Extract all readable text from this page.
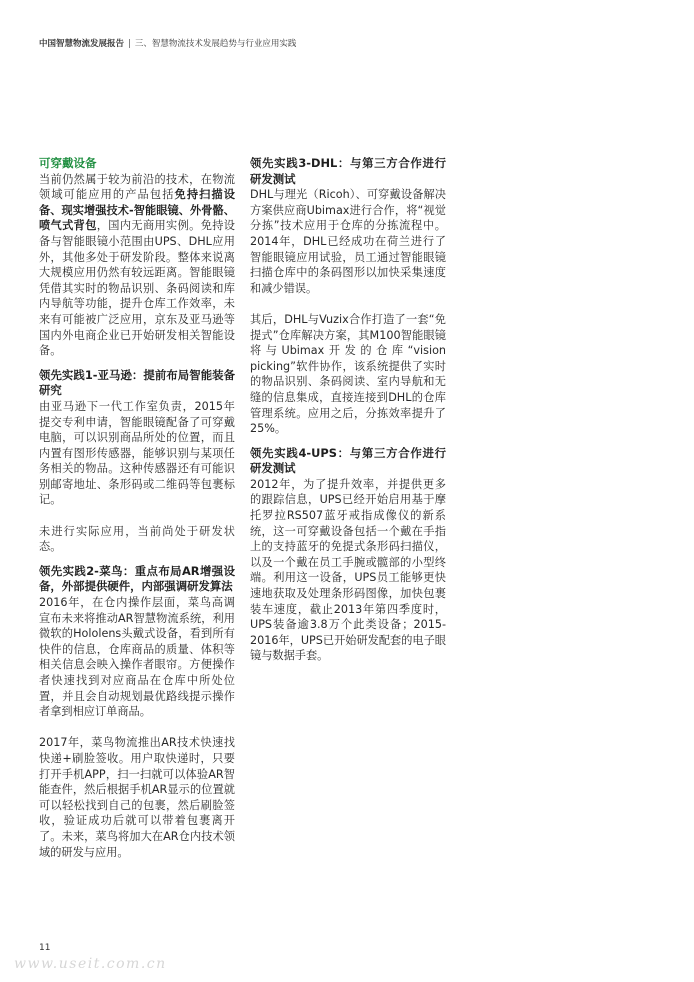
中国智慧物流发展报告 | 三、智慧物流技术发展趋势与行业应用实践

可穿戴设备

当前仍然属于较为前沿的技术，在物流领域可能应用的产品包括免持扫描设备、现实增强技术-智能眼镜、外骨骼、喷气式背包，国内无商用实例。免持设备与智能眼镜小范围由UPS、DHL应用外，其他多处于研发阶段。整体来说离大规模应用仍然有较远距离。智能眼镜凭借其实时的物品识别、条码阅读和库内导航等功能，提升仓库工作效率，未来有可能被广泛应用，京东及亚马逊等国内外电商企业已开始研发相关智能设备。

领先实践1-亚马逊：提前布局智能装备研究

由亚马逊下一代工作室负责，2015年提交专利申请，智能眼镜配备了可穿戴电脑，可以识别商品所处的位置，而且内置有图形传感器，能够识别与某项任务相关的物品。这种传感器还有可能识别邮寄地址、条形码或二维码等包裹标记。

未进行实际应用，当前尚处于研发状态。

领先实践2-菜鸟：重点布局AR增强设备，外部提供硬件，内部强调研发算法

2016年，在仓内操作层面，菜鸟高调宣布未来将推动AR智慧物流系统，利用微软的Hololens头戴式设备，看到所有快件的信息，仓库商品的质量、体积等相关信息会映入操作者眼帘。方便操作者快速找到对应商品在仓库中所处位置，并且会自动规划最优路线提示操作者拿到相应订单商品。

2017年，菜鸟物流推出AR技术快速找快递+刷脸签收。用户取快递时，只要打开手机APP，扫一扫就可以体验AR智能查件，然后根据手机AR显示的位置就可以轻松找到自己的包裹，然后刷脸签收，验证成功后就可以带着包裹离开了。未来，菜鸟将加大在AR仓内技术领域的研发与应用。

领先实践3-DHL：与第三方合作进行研发测试

DHL与理光（Ricoh）、可穿戴设备解决方案供应商Ubimax进行合作，将“视觉分拣”技术应用于仓库的分拣流程中。2014年，DHL已经成功在荷兰进行了智能眼镜应用试验，员工通过智能眼镜扫描仓库中的条码图形以加快采集速度和减少错误。

其后，DHL与Vuzix合作打造了一套“免提式”仓库解决方案，其M100智能眼镜将与Ubimax开发的仓库“vision picking”软件协作，该系统提供了实时的物品识别、条码阅读、室内导航和无缝的信息集成，直接连接到DHL的仓库管理系统。应用之后，分拣效率提升了25%。

领先实践4-UPS：与第三方合作进行研发测试

2012年，为了提升效率，并提供更多的跟踪信息，UPS已经开始启用基于摩托罗拉RS507蓝牙戒指成像仪的新系统，这一可穿戴设备包括一个戴在手指上的支持蓝牙的免提式条形码扫描仪，以及一个戴在员工手腕或髋部的小型终端。利用这一设备，UPS员工能够更快速地获取及处理条形码图像，加快包裹装车速度，截止2013年第四季度时，UPS装备逾3.8万个此类设备；2015-2016年，UPS已开始研发配套的电子眼镜与数据手套。

11
www.useit.com.cn
